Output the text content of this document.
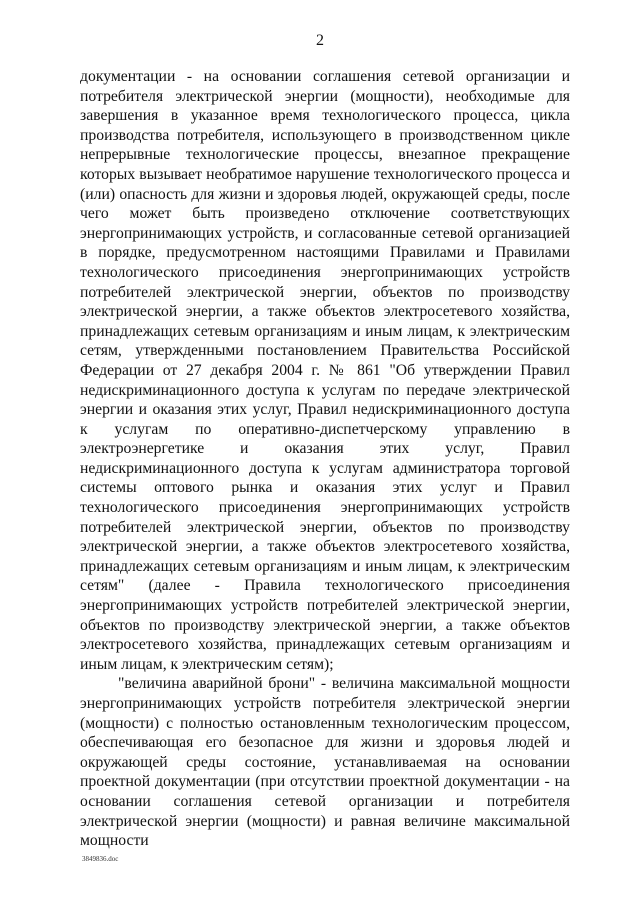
2

документации - на основании соглашения сетевой организации и потребителя электрической энергии (мощности), необходимые для завершения в указанное время технологического процесса, цикла производства потребителя, использующего в производственном цикле непрерывные технологические процессы, внезапное прекращение которых вызывает необратимое нарушение технологического процесса и (или) опасность для жизни и здоровья людей, окружающей среды, после чего может быть произведено отключение соответствующих энергопринимающих устройств, и согласованные сетевой организацией в порядке, предусмотренном настоящими Правилами и Правилами технологического присоединения энергопринимающих устройств потребителей электрической энергии, объектов по производству электрической энергии, а также объектов электросетевого хозяйства, принадлежащих сетевым организациям и иным лицам, к электрическим сетям, утвержденными постановлением Правительства Российской Федерации от 27 декабря 2004 г. № 861 "Об утверждении Правил недискриминационного доступа к услугам по передаче электрической энергии и оказания этих услуг, Правил недискриминационного доступа к услугам по оперативно-диспетчерскому управлению в электроэнергетике и оказания этих услуг, Правил недискриминационного доступа к услугам администратора торговой системы оптового рынка и оказания этих услуг и Правил технологического присоединения энергопринимающих устройств потребителей электрической энергии, объектов по производству электрической энергии, а также объектов электросетевого хозяйства, принадлежащих сетевым организациям и иным лицам, к электрическим сетям" (далее - Правила технологического присоединения энергопринимающих устройств потребителей электрической энергии, объектов по производству электрической энергии, а также объектов электросетевого хозяйства, принадлежащих сетевым организациям и иным лицам, к электрическим сетям);

"величина аварийной брони" - величина максимальной мощности энергопринимающих устройств потребителя электрической энергии (мощности) с полностью остановленным технологическим процессом, обеспечивающая его безопасное для жизни и здоровья людей и окружающей среды состояние, устанавливаемая на основании проектной документации (при отсутствии проектной документации - на основании соглашения сетевой организации и потребителя электрической энергии (мощности) и равная величине максимальной мощности

3849836.doc
